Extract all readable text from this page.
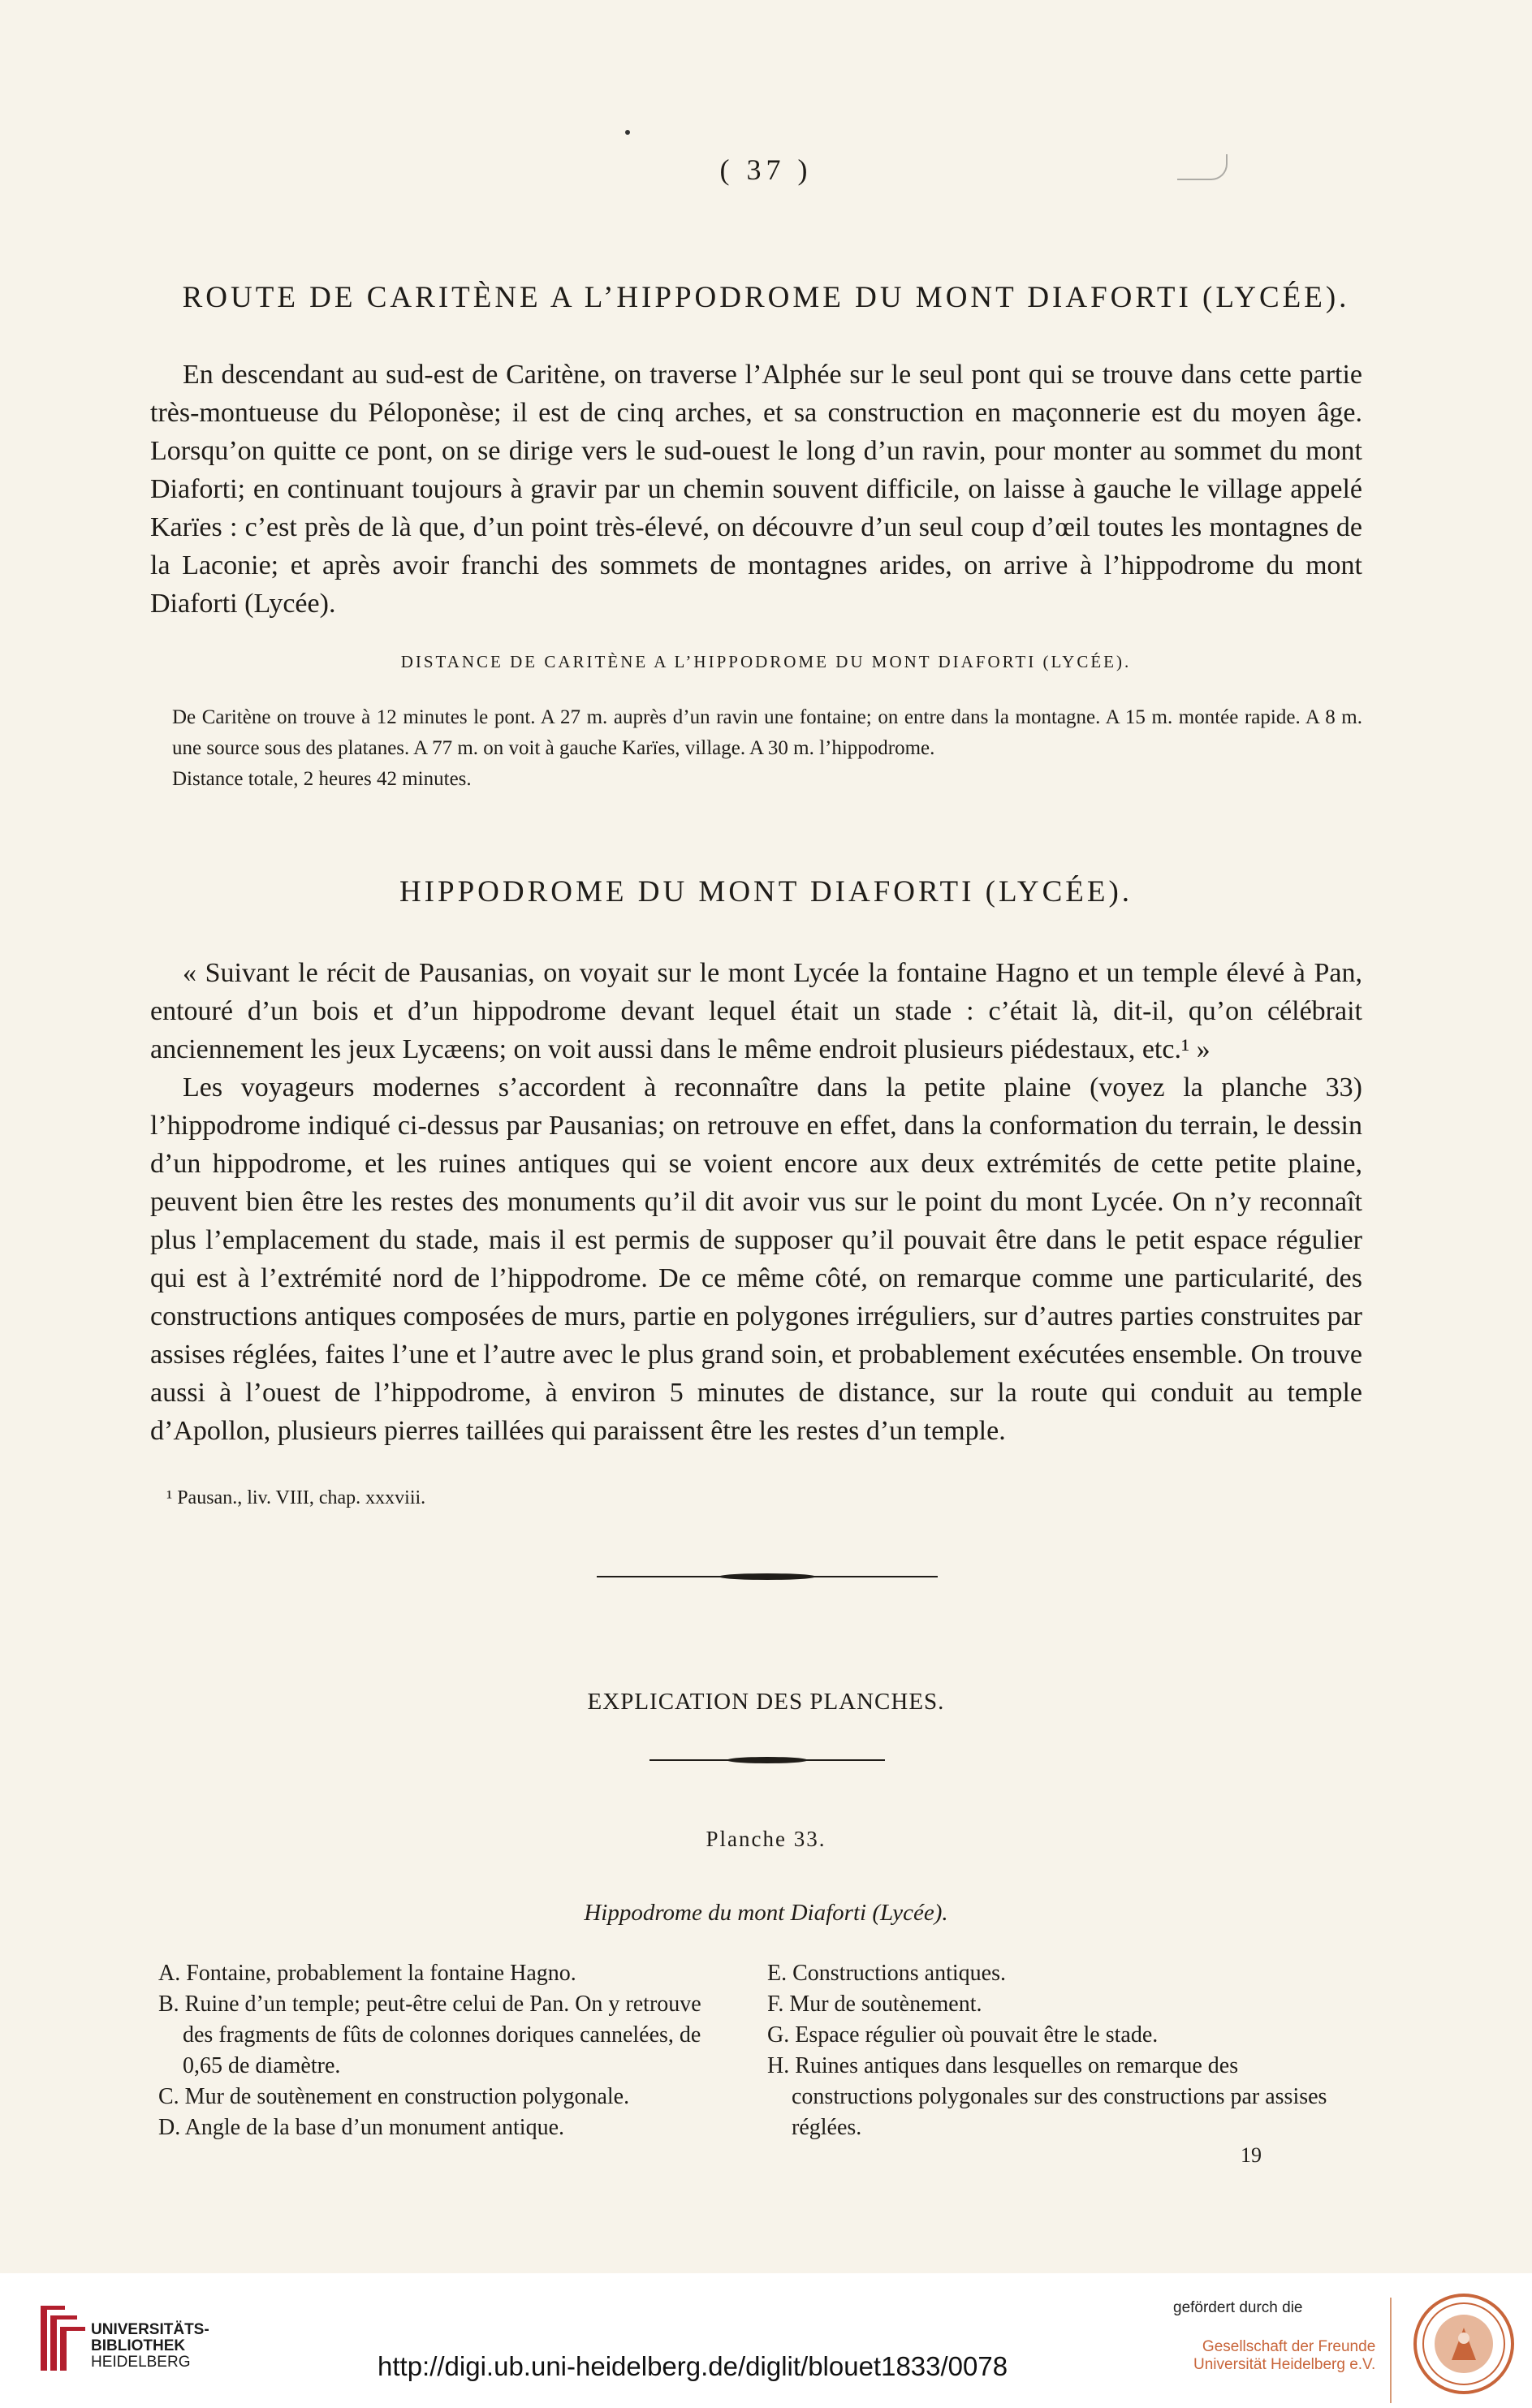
( 37 )
ROUTE DE CARITÈNE A L’HIPPODROME DU MONT DIAFORTI (LYCÉE).

En descendant au sud-est de Caritène, on traverse l’Alphée sur le seul pont qui se trouve dans cette partie très-montueuse du Péloponèse; il est de cinq arches, et sa construction en maçonnerie est du moyen âge. Lorsqu’on quitte ce pont, on se dirige vers le sud-ouest le long d’un ravin, pour monter au sommet du mont Diaforti; en continuant toujours à gravir par un chemin souvent difficile, on laisse à gauche le village appelé Karïes : c’est près de là que, d’un point très-élevé, on découvre d’un seul coup d’œil toutes les montagnes de la Laconie; et après avoir franchi des sommets de montagnes arides, on arrive à l’hippodrome du mont Diaforti (Lycée).

DISTANCE DE CARITÈNE A L’HIPPODROME DU MONT DIAFORTI (LYCÉE).

De Caritène on trouve à 12 minutes le pont. A 27 m. auprès d’un ravin une fontaine; on entre dans la montagne. A 15 m. montée rapide. A 8 m. une source sous des platanes. A 77 m. on voit à gauche Karïes, village. A 30 m. l’hippodrome.

Distance totale, 2 heures 42 minutes.

HIPPODROME DU MONT DIAFORTI (LYCÉE).

« Suivant le récit de Pausanias, on voyait sur le mont Lycée la fontaine Hagno et un temple élevé à Pan, entouré d’un bois et d’un hippodrome devant lequel était un stade : c’était là, dit-il, qu’on célébrait anciennement les jeux Lycæens; on voit aussi dans le même endroit plusieurs piédestaux, etc.¹ »

Les voyageurs modernes s’accordent à reconnaître dans la petite plaine (voyez la planche 33) l’hippodrome indiqué ci-dessus par Pausanias; on retrouve en effet, dans la conformation du terrain, le dessin d’un hippodrome, et les ruines antiques qui se voient encore aux deux extrémités de cette petite plaine, peuvent bien être les restes des monuments qu’il dit avoir vus sur le point du mont Lycée. On n’y reconnaît plus l’emplacement du stade, mais il est permis de supposer qu’il pouvait être dans le petit espace régulier qui est à l’extrémité nord de l’hippodrome. De ce même côté, on remarque comme une particularité, des constructions antiques composées de murs, partie en polygones irréguliers, sur d’autres parties construites par assises réglées, faites l’une et l’autre avec le plus grand soin, et probablement exécutées ensemble. On trouve aussi à l’ouest de l’hippodrome, à environ 5 minutes de distance, sur la route qui conduit au temple d’Apollon, plusieurs pierres taillées qui paraissent être les restes d’un temple.

¹ Pausan., liv. VIII, chap. xxxviii.
EXPLICATION DES PLANCHES.
Planche 33.
Hippodrome du mont Diaforti (Lycée).
A. Fontaine, probablement la fontaine Hagno.
B. Ruine d’un temple; peut-être celui de Pan. On y retrouve des fragments de fûts de colonnes doriques cannelées, de 0,65 de diamètre.
C. Mur de soutènement en construction polygonale.
D. Angle de la base d’un monument antique.
E. Constructions antiques.
F. Mur de soutènement.
G. Espace régulier où pouvait être le stade.
H. Ruines antiques dans lesquelles on remarque des constructions polygonales sur des constructions par assises réglées.
19
UNIVERSITÄTS-
BIBLIOTHEK
HEIDELBERG	http://digi.ub.uni-heidelberg.de/diglit/blouet1833/0078
gefördert durch die
Gesellschaft der Freunde
Universität Heidelberg e.V.
